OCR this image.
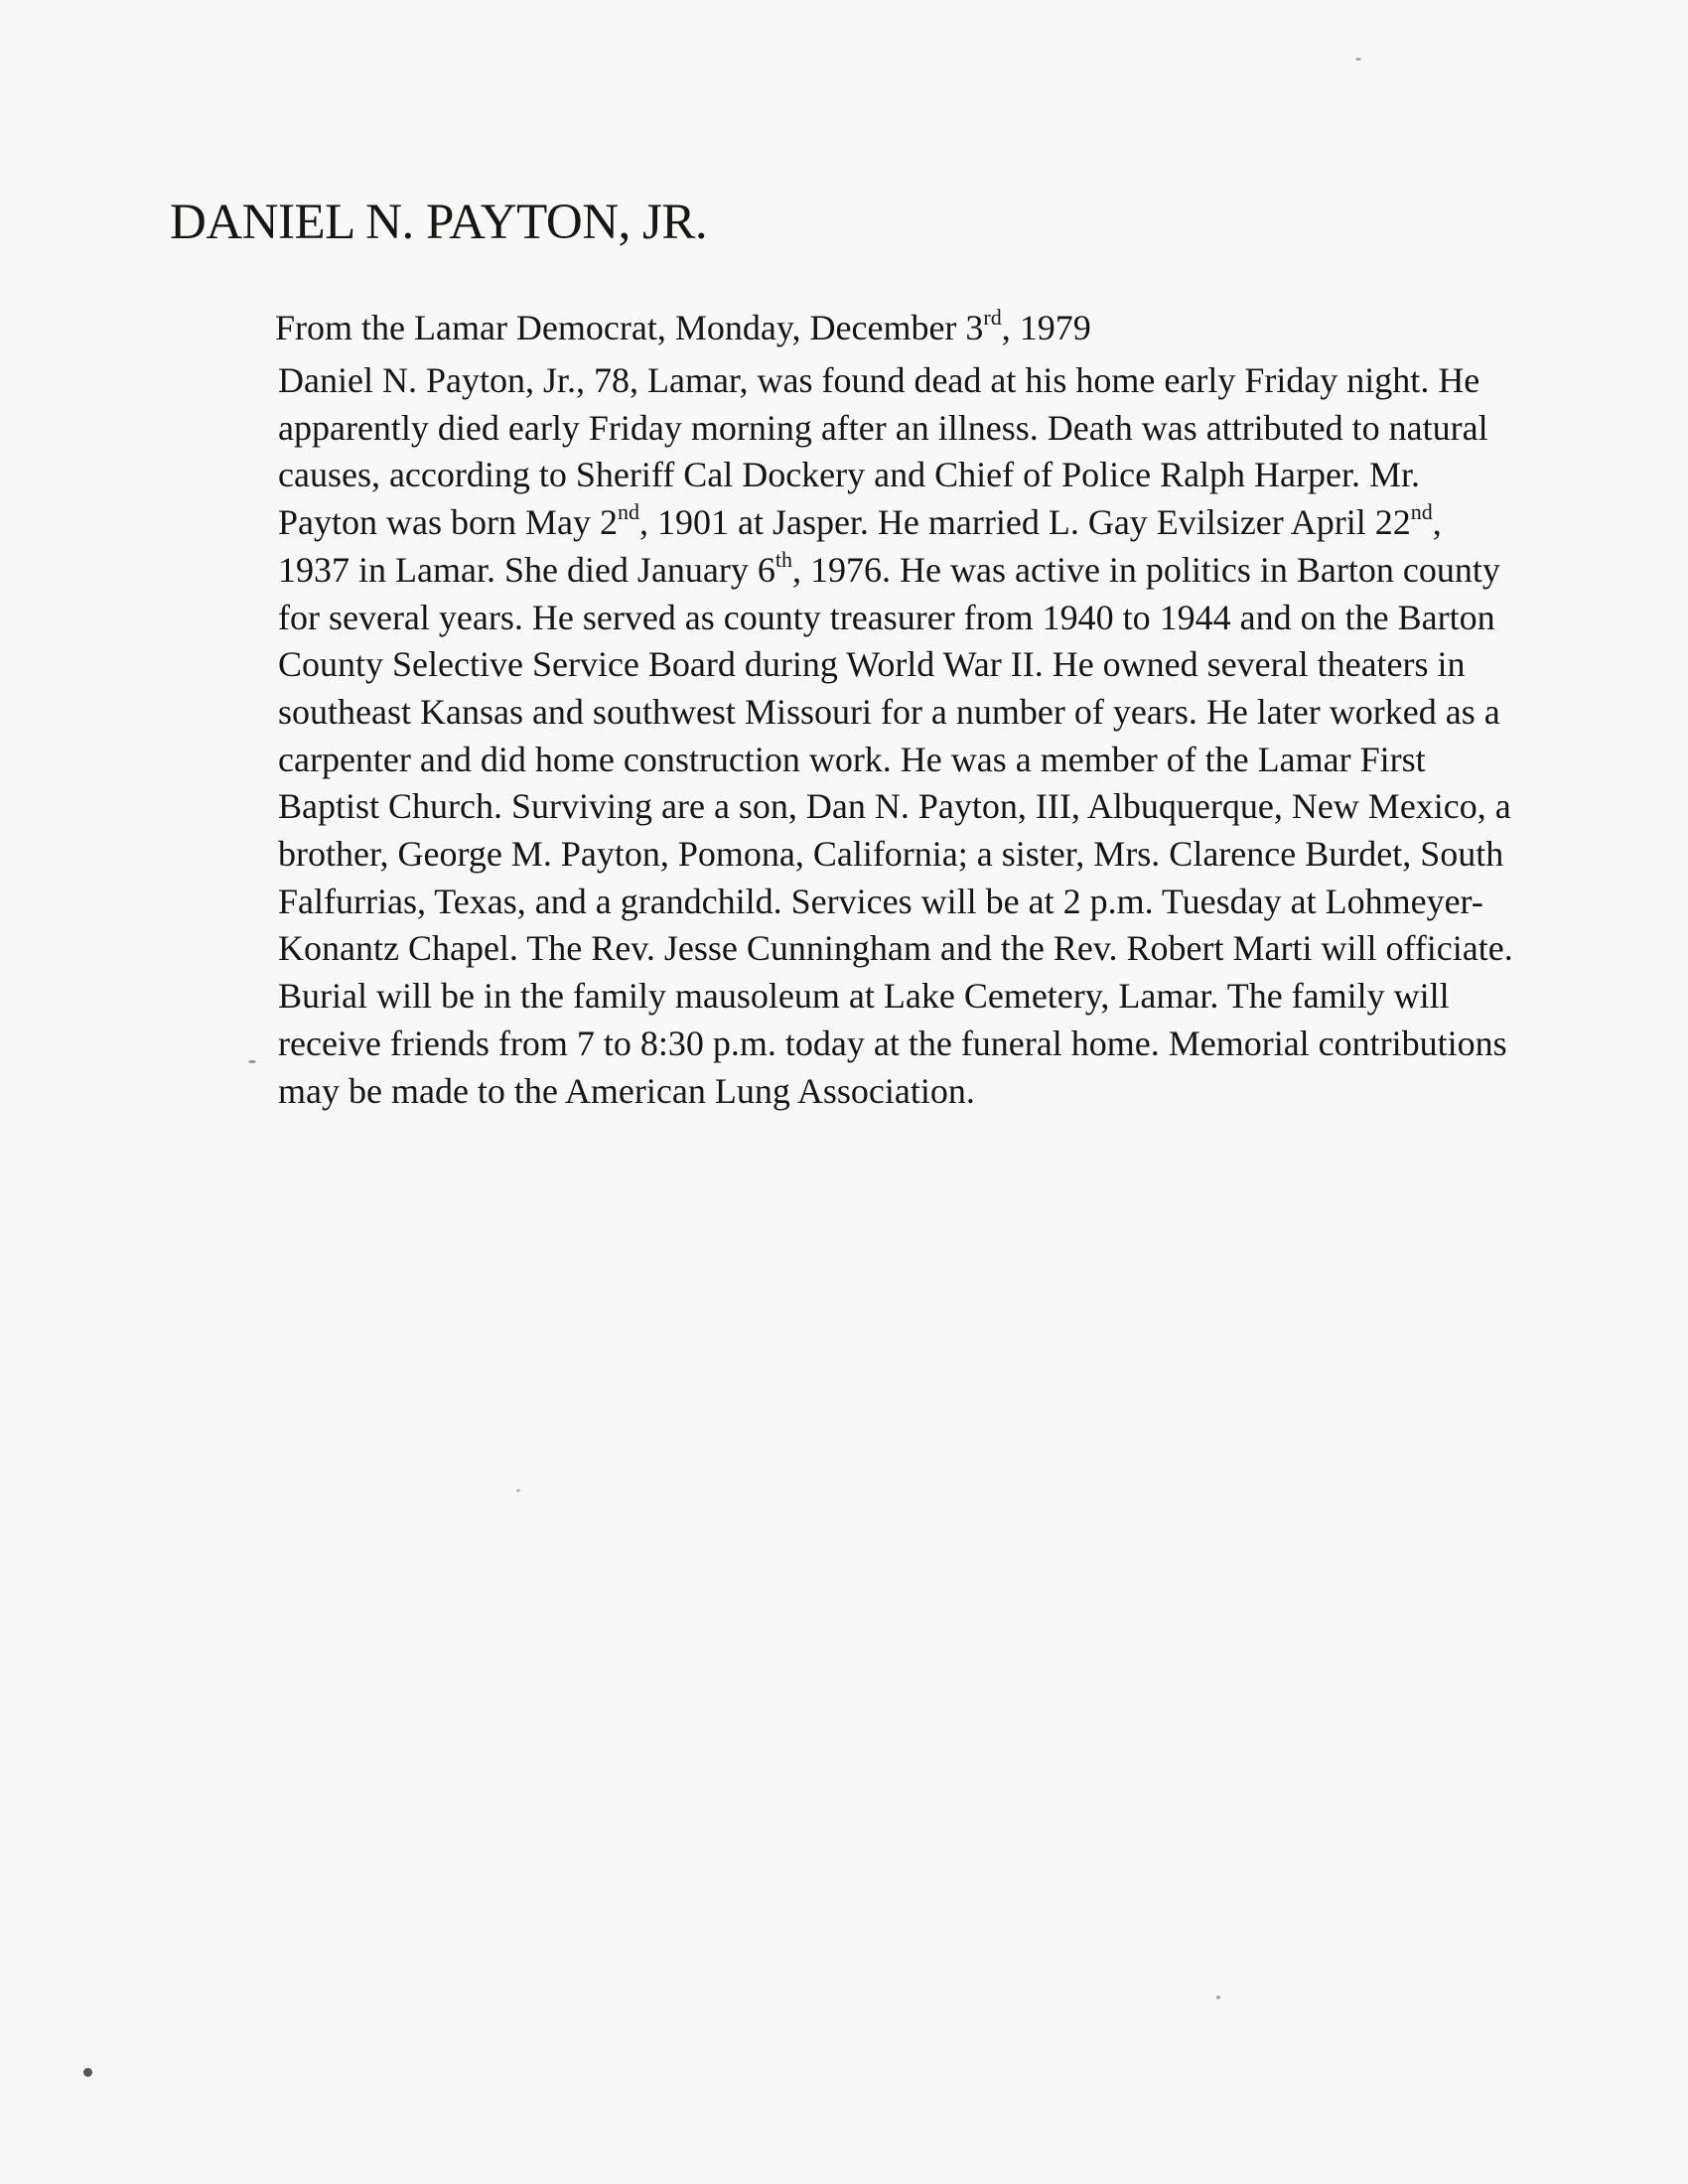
DANIEL N. PAYTON, JR.
From the Lamar Democrat, Monday, December 3rd, 1979
Daniel N. Payton, Jr., 78, Lamar, was found dead at his home early Friday night. He
apparently died early Friday morning after an illness. Death was attributed to natural
causes, according to Sheriff Cal Dockery and Chief of Police Ralph Harper. Mr.
Payton was born May 2nd, 1901 at Jasper. He married L. Gay Evilsizer April 22nd,
1937 in Lamar. She died January 6th, 1976. He was active in politics in Barton county
for several years. He served as county treasurer from 1940 to 1944 and on the Barton
County Selective Service Board during World War II. He owned several theaters in
southeast Kansas and southwest Missouri for a number of years. He later worked as a
carpenter and did home construction work. He was a member of the Lamar First
Baptist Church. Surviving are a son, Dan N. Payton, III, Albuquerque, New Mexico, a
brother, George M. Payton, Pomona, California; a sister, Mrs. Clarence Burdet, South
Falfurrias, Texas, and a grandchild. Services will be at 2 p.m. Tuesday at Lohmeyer-
Konantz Chapel. The Rev. Jesse Cunningham and the Rev. Robert Marti will officiate.
Burial will be in the family mausoleum at Lake Cemetery, Lamar. The family will
receive friends from 7 to 8:30 p.m. today at the funeral home. Memorial contributions
may be made to the American Lung Association.
